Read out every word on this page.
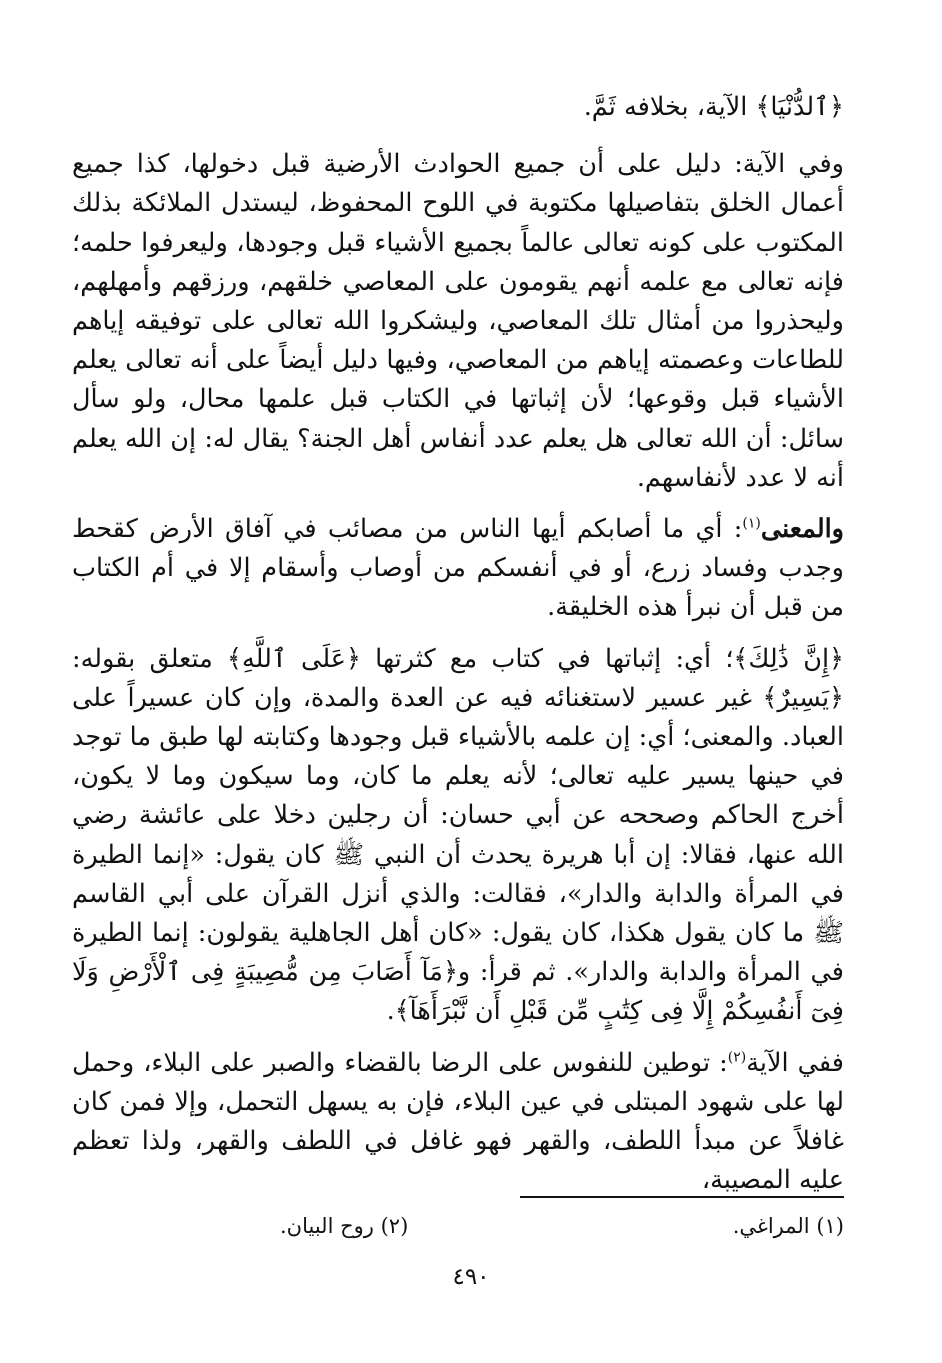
﴿ٱلدُّنْيَا﴾ الآية، بخلافه ثَمَّ.

وفي الآية: دليل على أن جميع الحوادث الأرضية قبل دخولها، كذا جميع أعمال الخلق بتفاصيلها مكتوبة في اللوح المحفوظ، ليستدل الملائكة بذلك المكتوب على كونه تعالى عالماً بجميع الأشياء قبل وجودها، وليعرفوا حلمه؛ فإنه تعالى مع علمه أنهم يقومون على المعاصي خلقهم، ورزقهم وأمهلهم، وليحذروا من أمثال تلك المعاصي، وليشكروا الله تعالى على توفيقه إياهم للطاعات وعصمته إياهم من المعاصي، وفيها دليل أيضاً على أنه تعالى يعلم الأشياء قبل وقوعها؛ لأن إثباتها في الكتاب قبل علمها محال، ولو سأل سائل: أن الله تعالى هل يعلم عدد أنفاس أهل الجنة؟ يقال له: إن الله يعلم أنه لا عدد لأنفاسهم.

والمعنى$^{(١)}$: أي ما أصابكم أيها الناس من مصائب في آفاق الأرض كقحط وجدب وفساد زرع، أو في أنفسكم من أوصاب وأسقام إلا في أم الكتاب من قبل أن نبرأ هذه الخليقة.

﴿إِنَّ ذَٰلِكَ﴾؛ أي: إثباتها في كتاب مع كثرتها ﴿عَلَى ٱللَّهِ﴾ متعلق بقوله: ﴿يَسِيرٌ﴾ غير عسير لاستغنائه فيه عن العدة والمدة، وإن كان عسيراً على العباد. والمعنى؛ أي: إن علمه بالأشياء قبل وجودها وكتابته لها طبق ما توجد في حينها يسير عليه تعالى؛ لأنه يعلم ما كان، وما سيكون وما لا يكون، أخرج الحاكم وصححه عن أبي حسان: أن رجلين دخلا على عائشة رضي الله عنها، فقالا: إن أبا هريرة يحدث أن النبي ﷺ كان يقول: «إنما الطيرة في المرأة والدابة والدار»، فقالت: والذي أنزل القرآن على أبي القاسم ﷺ ما كان يقول هكذا، كان يقول: «كان أهل الجاهلية يقولون: إنما الطيرة في المرأة والدابة والدار». ثم قرأ: و﴿مَآ أَصَابَ مِن مُّصِيبَةٍ فِى ٱلْأَرْضِ وَلَا فِىٓ أَنفُسِكُمْ إِلَّا فِى كِتَٰبٍ مِّن قَبْلِ أَن نَّبْرَأَهَآ﴾.

ففي الآية$^{(٢)}$: توطين للنفوس على الرضا بالقضاء والصبر على البلاء، وحمل لها على شهود المبتلى في عين البلاء، فإن به يسهل التحمل، وإلا فمن كان غافلاً عن مبدأ اللطف، والقهر فهو غافل في اللطف والقهر، ولذا تعظم عليه المصيبة،

(١) المراغي.
(٢) روح البيان.
٤٩٠
